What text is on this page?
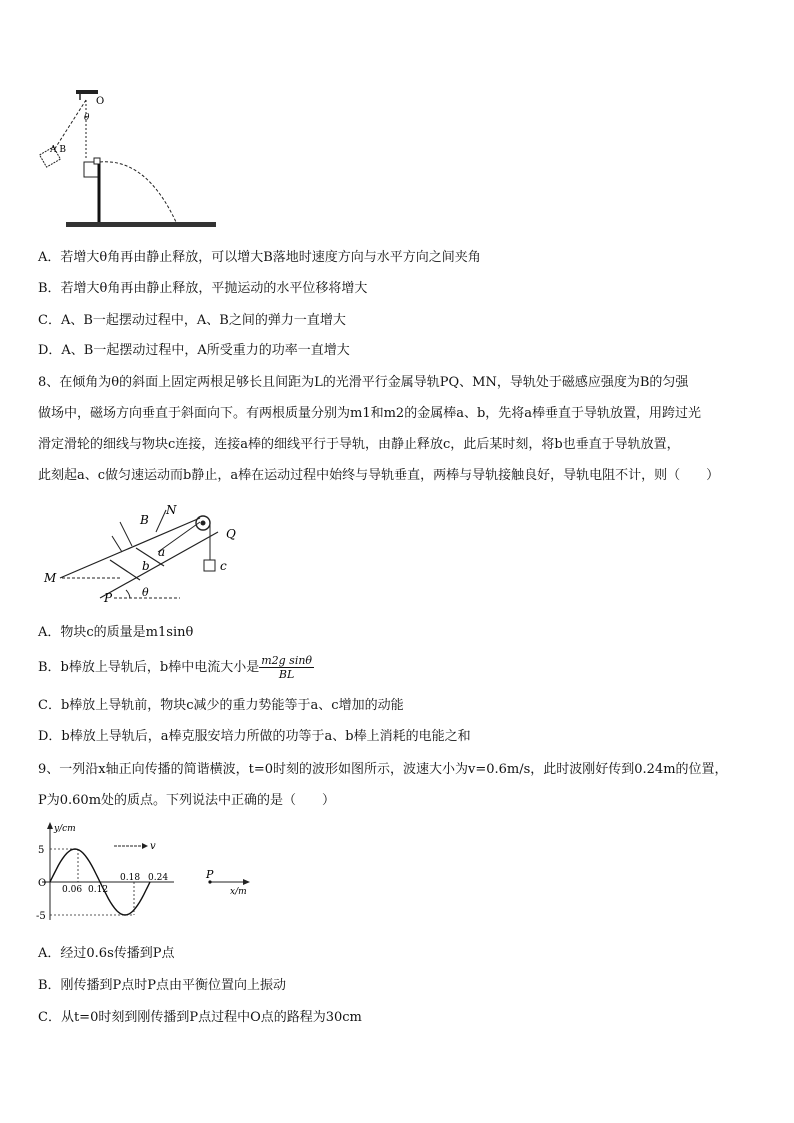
O
θ
A B
A．若增大θ角再由静止释放，可以增大B落地时速度方向与水平方向之间夹角
B．若增大θ角再由静止释放，平抛运动的水平位移将增大
C．A、B一起摆动过程中，A、B之间的弹力一直增大
D．A、B一起摆动过程中，A所受重力的功率一直增大

8、在倾角为θ的斜面上固定两根足够长且间距为L的光滑平行金属导轨PQ、MN，导轨处于磁感应强度为B的匀强

做场中，磁场方向垂直于斜面向下。有两根质量分别为m1和m2的金属棒a、b，先将a棒垂直于导轨放置，用跨过光

滑定滑轮的细线与物块c连接，连接a棒的细线平行于导轨，由静止释放c，此后某时刻，将b也垂直于导轨放置，

此刻起a、c做匀速运动而b静止，a棒在运动过程中始终与导轨垂直，两棒与导轨接触良好，导轨电阻不计，则（　　）

B
N
Q
M
P
a
b	c
θ
A．物块c的质量是m1sinθ
B．b棒放上导轨后，b棒中电流大小是 $\frac{\text{m2g sinθ}}{BL}$
C．b棒放上导轨前，物块c减少的重力势能等于a、c增加的动能
D．b棒放上导轨后，a棒克服安培力所做的功等于a、b棒上消耗的电能之和

9、一列沿x轴正向传播的简谐横波，t=0时刻的波形如图所示，波速大小为v=0.6m/s，此时波刚好传到0.24m的位置，

P为0.60m处的质点。下列说法中正确的是（　　）

y/cm
x/m
5
O
-5
0.06 0.12
0.18 0.24
v
P
A．经过0.6s传播到P点
B．刚传播到P点时P点由平衡位置向上振动
C．从t=0时刻到刚传播到P点过程中O点的路程为30cm
